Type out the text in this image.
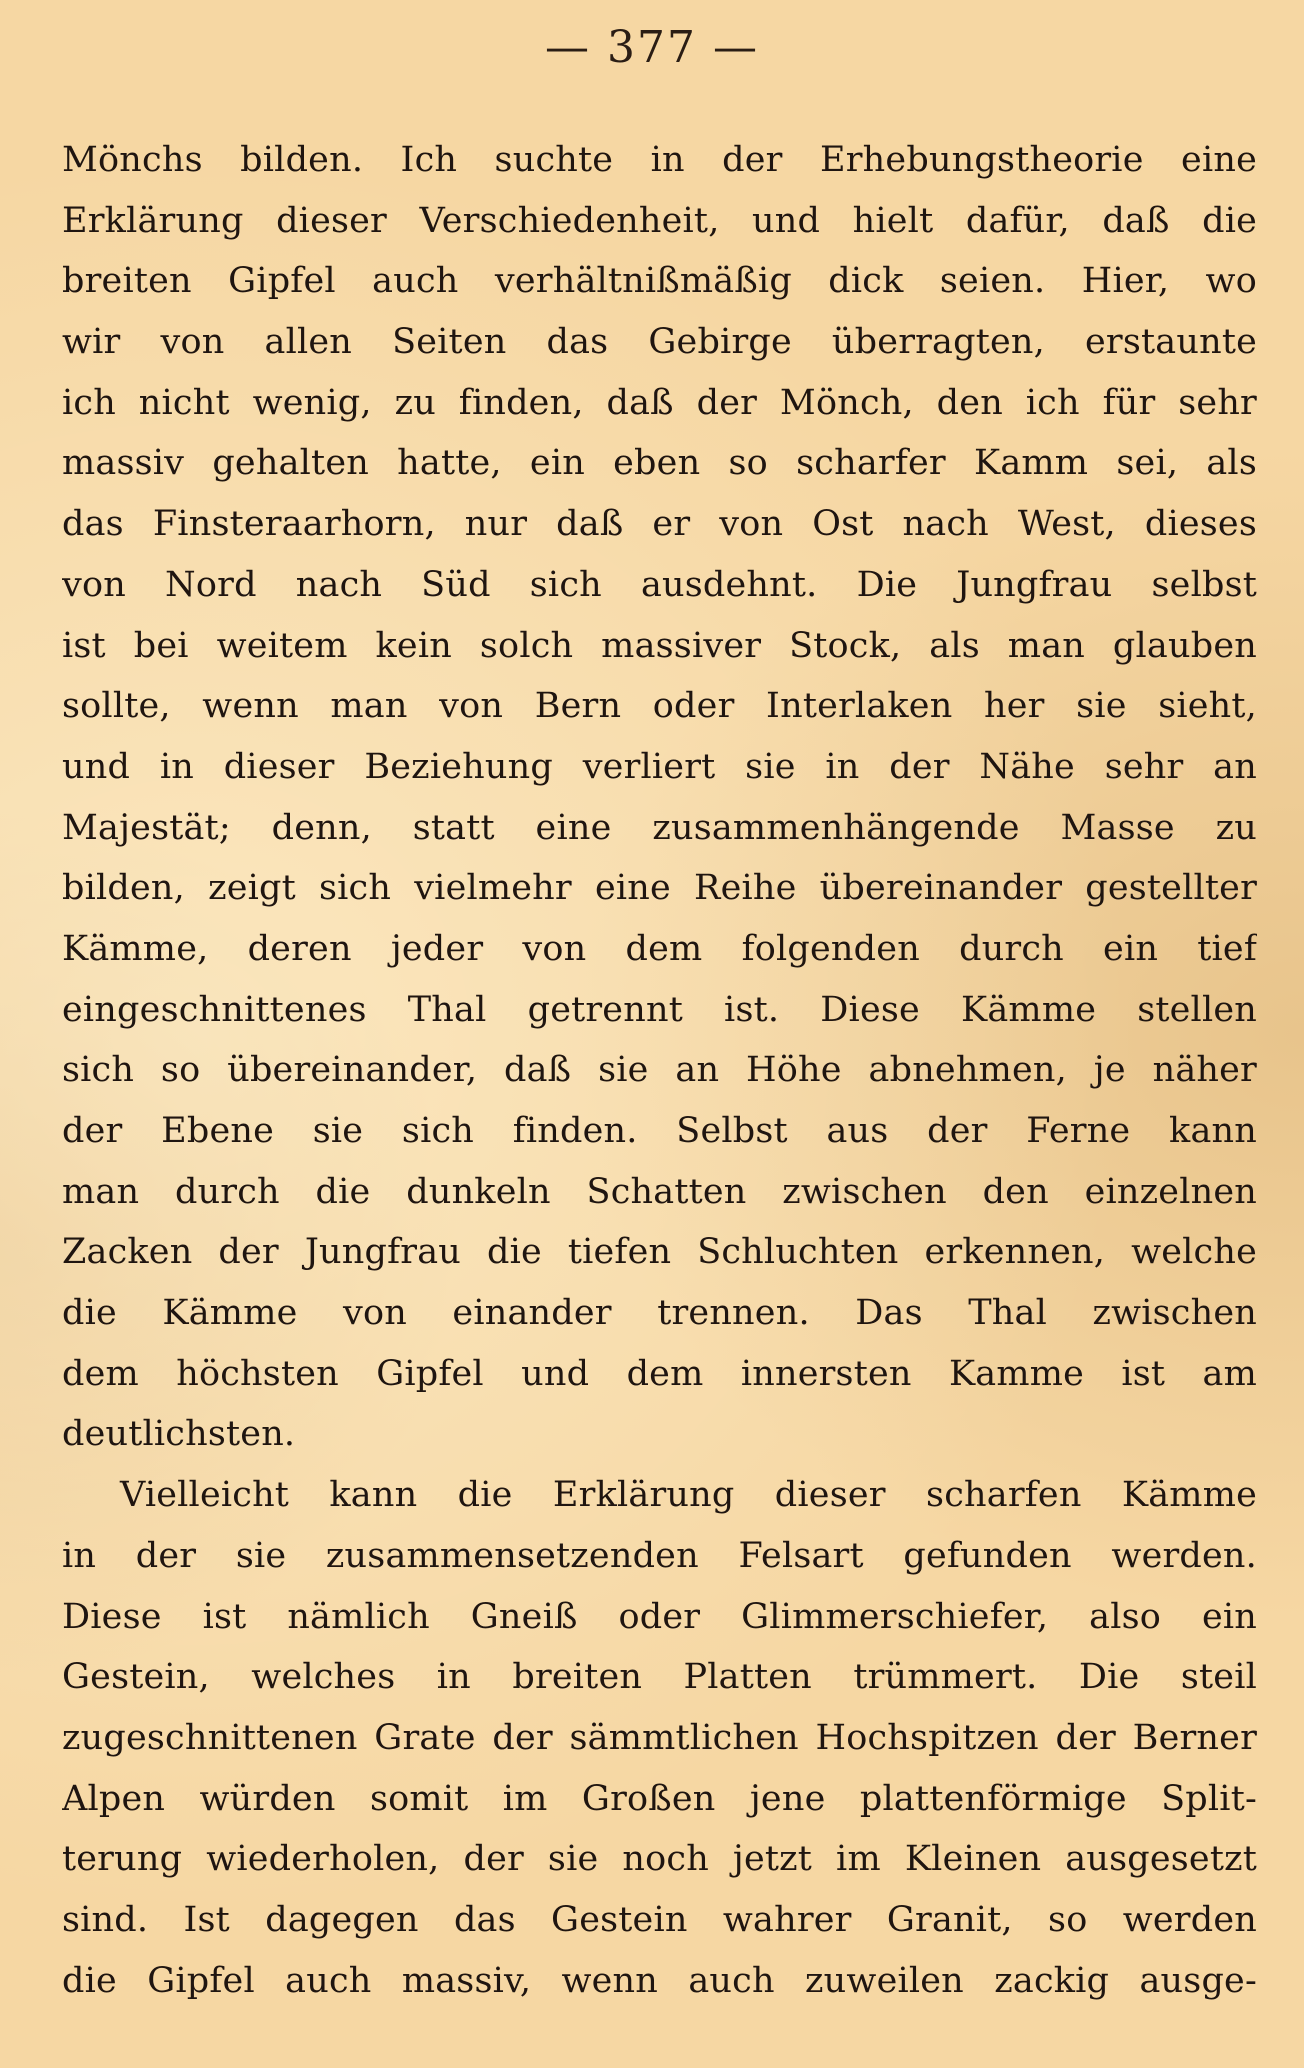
— 377 —
Mönchs bilden. Ich suchte in der Erhebungstheorie eine
Erklärung dieser Verschiedenheit, und hielt dafür, daß die
breiten Gipfel auch verhältnißmäßig dick seien. Hier, wo
wir von allen Seiten das Gebirge überragten, erstaunte
ich nicht wenig, zu finden, daß der Mönch, den ich für sehr
massiv gehalten hatte, ein eben so scharfer Kamm sei, als
das Finsteraarhorn, nur daß er von Ost nach West, dieses
von Nord nach Süd sich ausdehnt. Die Jungfrau selbst
ist bei weitem kein solch massiver Stock, als man glauben
sollte, wenn man von Bern oder Interlaken her sie sieht,
und in dieser Beziehung verliert sie in der Nähe sehr an
Majestät; denn, statt eine zusammenhängende Masse zu
bilden, zeigt sich vielmehr eine Reihe übereinander gestellter
Kämme, deren jeder von dem folgenden durch ein tief
eingeschnittenes Thal getrennt ist. Diese Kämme stellen
sich so übereinander, daß sie an Höhe abnehmen, je näher
der Ebene sie sich finden. Selbst aus der Ferne kann
man durch die dunkeln Schatten zwischen den einzelnen
Zacken der Jungfrau die tiefen Schluchten erkennen, welche
die Kämme von einander trennen. Das Thal zwischen
dem höchsten Gipfel und dem innersten Kamme ist am
deutlichsten.
Vielleicht kann die Erklärung dieser scharfen Kämme
in der sie zusammensetzenden Felsart gefunden werden.
Diese ist nämlich Gneiß oder Glimmerschiefer, also ein
Gestein, welches in breiten Platten trümmert. Die steil
zugeschnittenen Grate der sämmtlichen Hochspitzen der Berner
Alpen würden somit im Großen jene plattenförmige Split-
terung wiederholen, der sie noch jetzt im Kleinen ausgesetzt
sind. Ist dagegen das Gestein wahrer Granit, so werden
die Gipfel auch massiv, wenn auch zuweilen zackig ausge-
